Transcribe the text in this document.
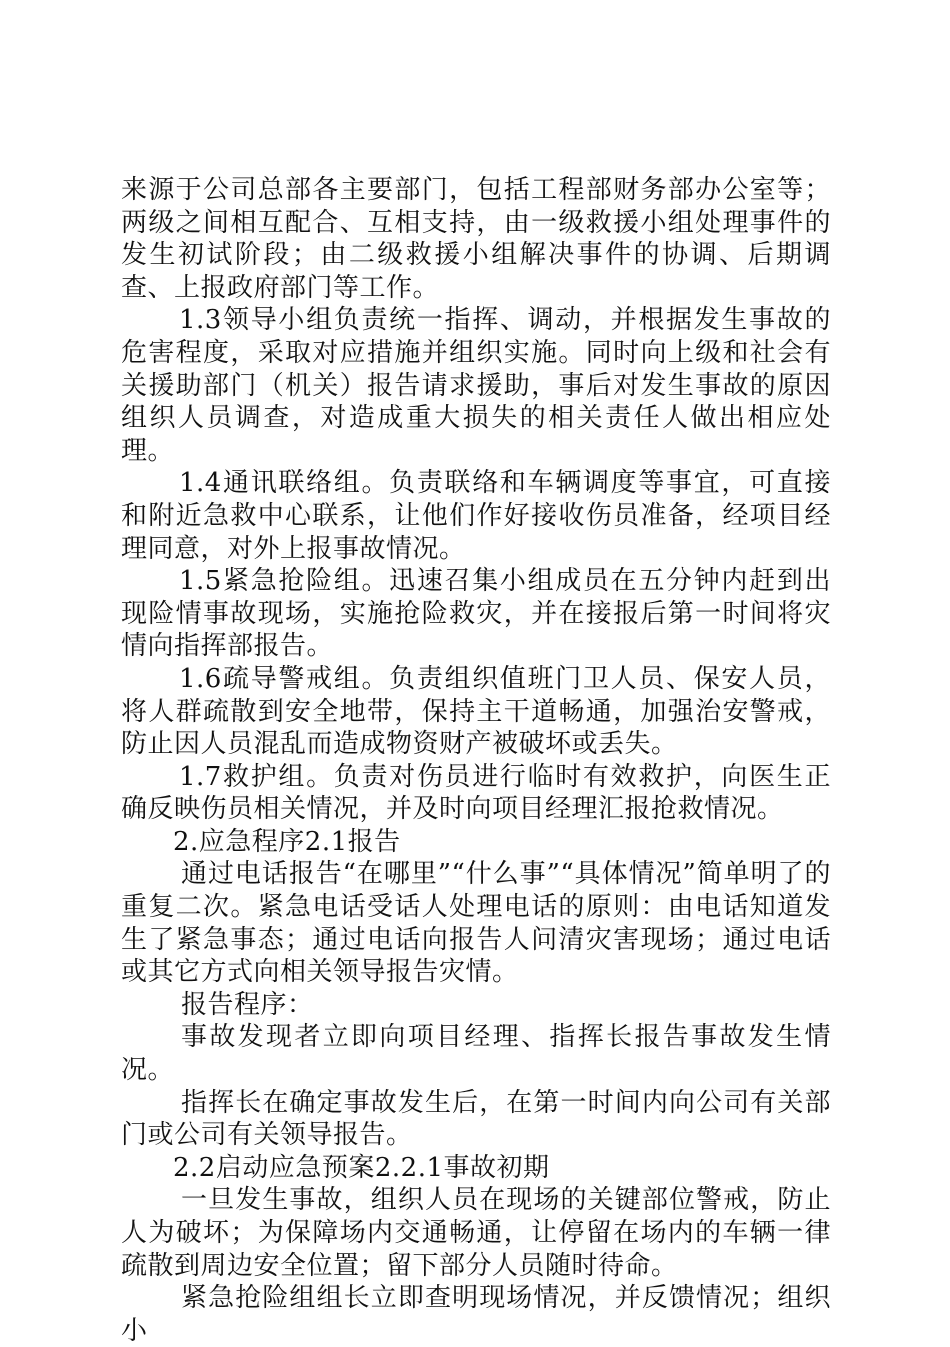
来源于公司总部各主要部门，包括工程部财务部办公室等；两级之间相互配合、互相支持，由一级救援小组处理事件的发生初试阶段；由二级救援小组解决事件的协调、后期调查、上报政府部门等工作。

1.3领导小组负责统一指挥、调动，并根据发生事故的危害程度，采取对应措施并组织实施。同时向上级和社会有关援助部门（机关）报告请求援助，事后对发生事故的原因组织人员调查，对造成重大损失的相关责任人做出相应处理。

1.4通讯联络组。负责联络和车辆调度等事宜，可直接和附近急救中心联系，让他们作好接收伤员准备，经项目经理同意，对外上报事故情况。

1.5紧急抢险组。迅速召集小组成员在五分钟内赶到出现险情事故现场，实施抢险救灾，并在接报后第一时间将灾情向指挥部报告。

1.6疏导警戒组。负责组织值班门卫人员、保安人员，将人群疏散到安全地带，保持主干道畅通，加强治安警戒，防止因人员混乱而造成物资财产被破坏或丢失。

1.7救护组。负责对伤员进行临时有效救护，向医生正确反映伤员相关情况，并及时向项目经理汇报抢救情况。

2.应急程序2.1报告

通过电话报告“在哪里”“什么事”“具体情况”简单明了的重复二次。紧急电话受话人处理电话的原则：由电话知道发生了紧急事态；通过电话向报告人问清灾害现场；通过电话或其它方式向相关领导报告灾情。

报告程序：

事故发现者立即向项目经理、指挥长报告事故发生情况。

指挥长在确定事故发生后，在第一时间内向公司有关部门或公司有关领导报告。

2.2启动应急预案2.2.1事故初期

一旦发生事故，组织人员在现场的关键部位警戒，防止人为破坏；为保障场内交通畅通，让停留在场内的车辆一律疏散到周边安全位置；留下部分人员随时待命。

紧急抢险组组长立即查明现场情况，并反馈情况；组织小
